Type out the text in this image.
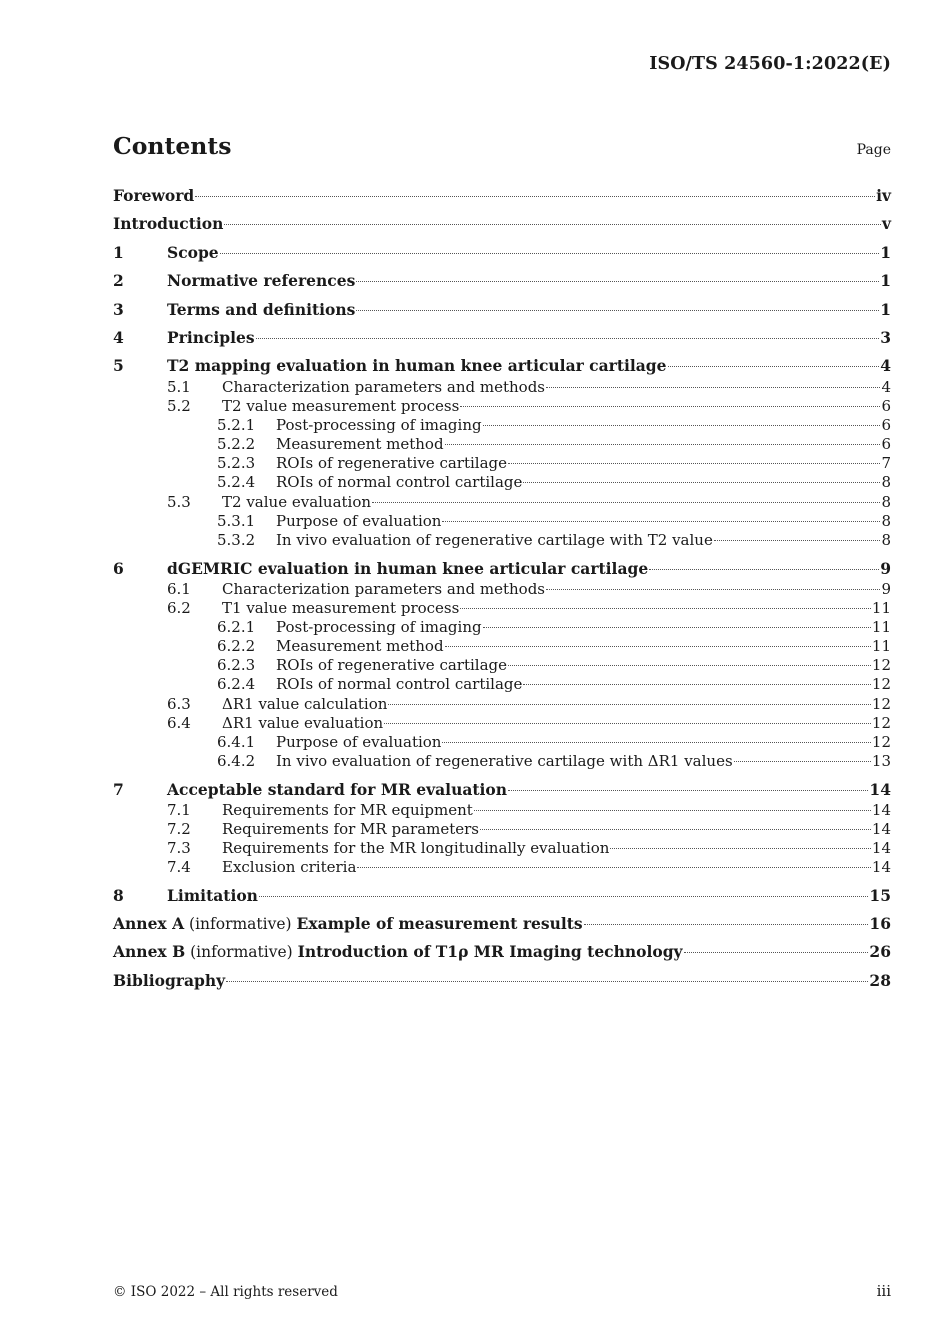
ISO/TS 24560-1:2022(E)
Contents	Page
Foreword	iv
Introduction	v
1	Scope	1
2	Normative references	1
3	Terms and definitions	1
4	Principles	3
5	T2 mapping evaluation in human knee articular cartilage	4
5.1	Characterization parameters and methods	4
5.2	T2 value measurement process	6
5.2.1	Post-processing of imaging	6
5.2.2	Measurement method	6
5.2.3	ROIs of regenerative cartilage	7
5.2.4	ROIs of normal control cartilage	8
5.3	T2 value evaluation	8
5.3.1	Purpose of evaluation	8
5.3.2	In vivo evaluation of regenerative cartilage with T2 value	8
6	dGEMRIC evaluation in human knee articular cartilage	9
6.1	Characterization parameters and methods	9
6.2	T1 value measurement process	11
6.2.1	Post-processing of imaging	11
6.2.2	Measurement method	11
6.2.3	ROIs of regenerative cartilage	12
6.2.4	ROIs of normal control cartilage	12
6.3	ΔR1 value calculation	12
6.4	ΔR1 value evaluation	12
6.4.1	Purpose of evaluation	12
6.4.2	In vivo evaluation of regenerative cartilage with ΔR1 values	13
7	Acceptable standard for MR evaluation	14
7.1	Requirements for MR equipment	14
7.2	Requirements for MR parameters	14
7.3	Requirements for the MR longitudinally evaluation	14
7.4	Exclusion criteria	14
8	Limitation	15
Annex A (informative) Example of measurement results	16
Annex B (informative) Introduction of T1ρ MR Imaging technology	26
Bibliography	28
© ISO 2022 – All rights reserved	iii
